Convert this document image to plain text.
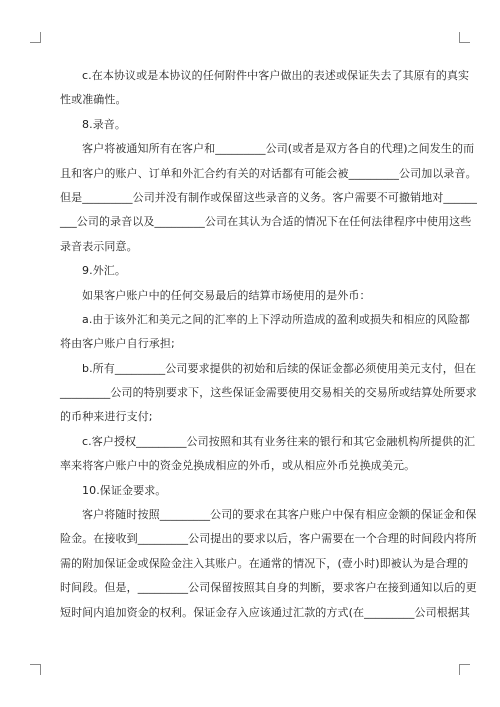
c.在本协议或是本协议的任何附件中客户做出的表述或保证失去了其原有的真实
性或准确性。
8.录音。
客户将被通知所有在客户和_________公司(或者是双方各自的代理)之间发生的而
且和客户的账户、订单和外汇合约有关的对话都有可能会被_________公司加以录音。
但是_________公司并没有制作或保留这些录音的义务。客户需要不可撤销地对______
___公司的录音以及_________公司在其认为合适的情况下在任何法律程序中使用这些
录音表示同意。
9.外汇。
如果客户账户中的任何交易最后的结算市场使用的是外币：
a.由于该外汇和美元之间的汇率的上下浮动所造成的盈利或损失和相应的风险都
将由客户账户自行承担;
b.所有_________公司要求提供的初始和后续的保证金都必须使用美元支付，但在
_________公司的特别要求下，这些保证金需要使用交易相关的交易所或结算处所要求
的币种来进行支付;
c.客户授权_________公司按照和其有业务往来的银行和其它金融机构所提供的汇
率来将客户账户中的资金兑换成相应的外币，或从相应外币兑换成美元。
10.保证金要求。
客户将随时按照_________公司的要求在其客户账户中保有相应金额的保证金和保
险金。在接收到_________公司提出的要求以后，客户需要在一个合理的时间段内将所
需的附加保证金或保险金注入其账户。在通常的情况下，(壹小时)即被认为是合理的
时间段。但是，_________公司保留按照其自身的判断，要求客户在接到通知以后的更
短时间内追加资金的权利。保证金存入应该通过汇款的方式(在_________公司根据其
